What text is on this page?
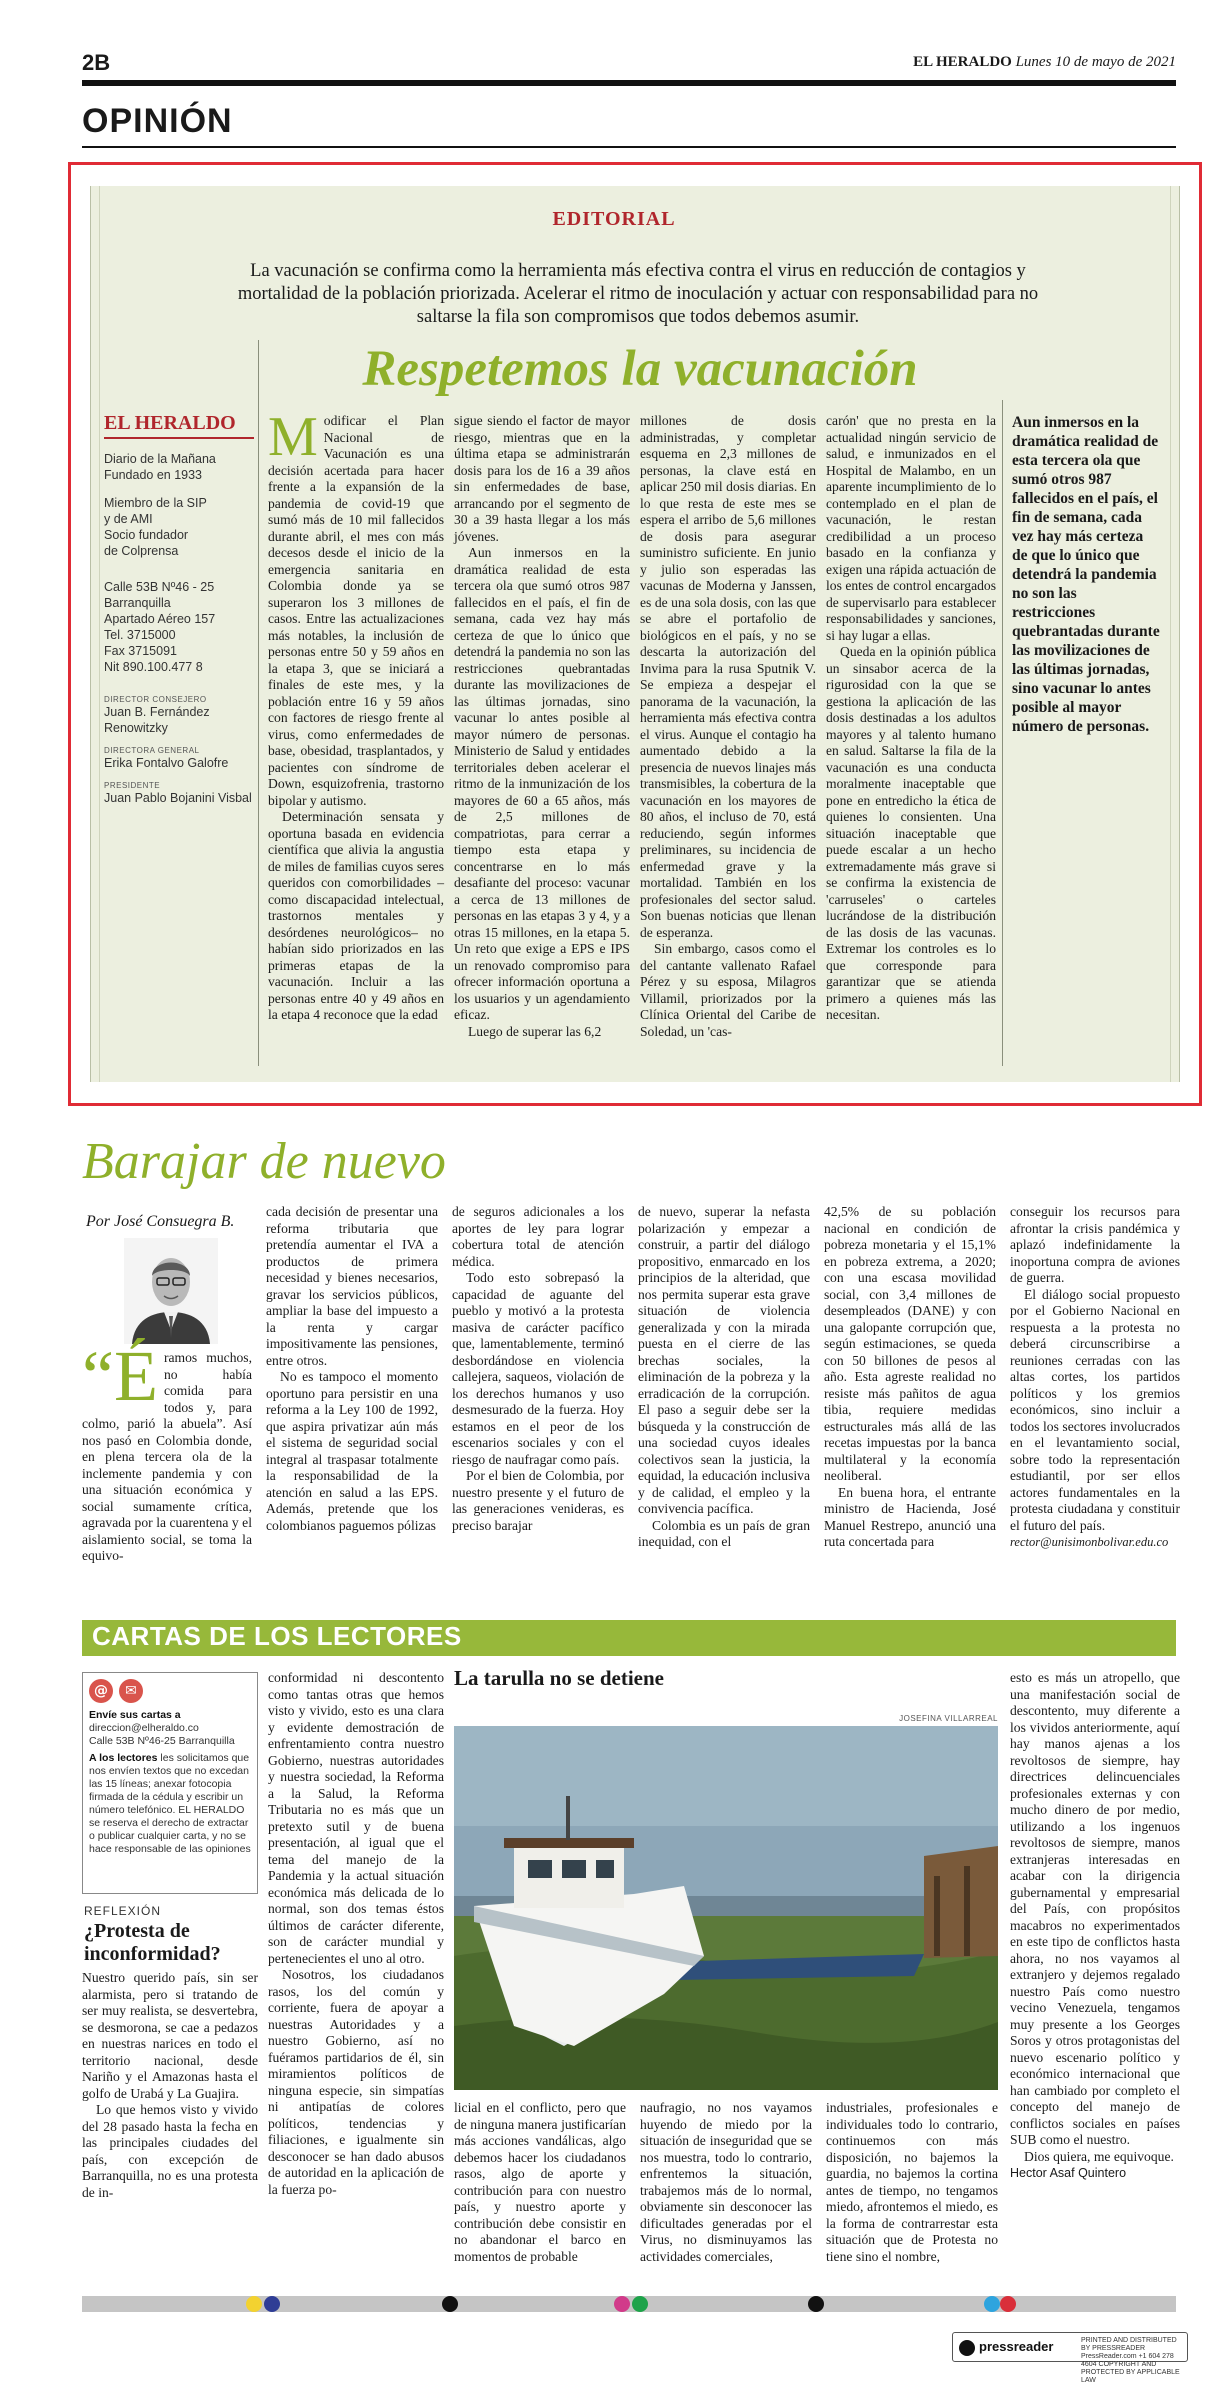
2B	EL HERALDO Lunes 10 de mayo de 2021
OPINIÓN
EDITORIAL
La vacunación se confirma como la herramienta más efectiva contra el virus en reducción de contagios y mortalidad de la población priorizada. Acelerar el ritmo de inoculación y actuar con responsabilidad para no saltarse la fila son compromisos que todos debemos asumir.
Respetemos la vacunación
EL HERALDO

Diario de la Mañana

Fundado en 1933

Miembro de la SIP

y de AMI

Socio fundador

de Colprensa

Calle 53B Nº46 - 25

Barranquilla

Apartado Aéreo 157

Tel. 3715000

Fax 3715091

Nit 890.100.477 8

DIRECTOR CONSEJERO
Juan B. Fernández Renowitzky
DIRECTORA GENERAL
Erika Fontalvo Galofre
PRESIDENTE
Juan Pablo Bojanini Visbal

Modificar el Plan Nacional de Vacunación es una decisión acertada para hacer frente a la expansión de la pandemia de covid-19 que sumó más de 10 mil fallecidos durante abril, el mes con más decesos desde el inicio de la emergencia sanitaria en Colombia donde ya se superaron los 3 millones de casos. Entre las actualizaciones más notables, la inclusión de personas entre 50 y 59 años en la etapa 3, que se iniciará a finales de este mes, y la población entre 16 y 59 años con factores de riesgo frente al virus, como enfermedades de base, obesidad, trasplantados, y pacientes con síndrome de Down, esquizofrenia, trastorno bipolar y autismo.

Determinación sensata y oportuna basada en evidencia científica que alivia la angustia de miles de familias cuyos seres queridos con comorbilidades –como discapacidad intelectual, trastornos mentales y desórdenes neurológicos– no habían sido priorizados en las primeras etapas de la vacunación. Incluir a las personas entre 40 y 49 años en la etapa 4 reconoce que la edad

sigue siendo el factor de mayor riesgo, mientras que en la última etapa se administrarán dosis para los de 16 a 39 años sin enfermedades de base, arrancando por el segmento de 30 a 39 hasta llegar a los más jóvenes.

Aun inmersos en la dramática realidad de esta tercera ola que sumó otros 987 fallecidos en el país, el fin de semana, cada vez hay más certeza de que lo único que detendrá la pandemia no son las restricciones quebrantadas durante las movilizaciones de las últimas jornadas, sino vacunar lo antes posible al mayor número de personas. Ministerio de Salud y entidades territoriales deben acelerar el ritmo de la inmunización de los mayores de 60 a 65 años, más de 2,5 millones de compatriotas, para cerrar a tiempo esta etapa y concentrarse en lo más desafiante del proceso: vacunar a cerca de 13 millones de personas en las etapas 3 y 4, y a otras 15 millones, en la etapa 5. Un reto que exige a EPS e IPS un renovado compromiso para ofrecer información oportuna a los usuarios y un agendamiento eficaz.

Luego de superar las 6,2

millones de dosis administradas, y completar esquema en 2,3 millones de personas, la clave está en aplicar 250 mil dosis diarias. En lo que resta de este mes se espera el arribo de 5,6 millones de dosis para asegurar suministro suficiente. En junio y julio son esperadas las vacunas de Moderna y Janssen, es de una sola dosis, con las que se abre el portafolio de biológicos en el país, y no se descarta la autorización del Invima para la rusa Sputnik V. Se empieza a despejar el panorama de la vacunación, la herramienta más efectiva contra el virus. Aunque el contagio ha aumentado debido a la presencia de nuevos linajes más transmisibles, la cobertura de la vacunación en los mayores de 80 años, el incluso de 70, está reduciendo, según informes preliminares, su incidencia de enfermedad grave y la mortalidad. También en los profesionales del sector salud. Son buenas noticias que llenan de esperanza.

Sin embargo, casos como el del cantante vallenato Rafael Pérez y su esposa, Milagros Villamil, priorizados por la Clínica Oriental del Caribe de Soledad, un 'cas-

carón' que no presta en la actualidad ningún servicio de salud, e inmunizados en el Hospital de Malambo, en un aparente incumplimiento de lo contemplado en el plan de vacunación, le restan credibilidad a un proceso basado en la confianza y exigen una rápida actuación de los entes de control encargados de supervisarlo para establecer responsabilidades y sanciones, si hay lugar a ellas.

Queda en la opinión pública un sinsabor acerca de la rigurosidad con la que se gestiona la aplicación de las dosis destinadas a los adultos mayores y al talento humano en salud. Saltarse la fila de la vacunación es una conducta moralmente inaceptable que pone en entredicho la ética de quienes lo consienten. Una situación inaceptable que puede escalar a un hecho extremadamente más grave si se confirma la existencia de 'carruseles' o carteles lucrándose de la distribución de las dosis de las vacunas. Extremar los controles es lo que corresponde para garantizar que se atienda primero a quienes más las necesitan.

Aun inmersos en la dramática realidad de esta tercera ola que sumó otros 987 fallecidos en el país, el fin de semana, cada vez hay más certeza de que lo único que detendrá la pandemia no son las restricciones quebrantadas durante las movilizaciones de las últimas jornadas, sino vacunar lo antes posible al mayor número de personas.
Barajar de nuevo
Por José Consuegra B.

“É ramos muchos, no había comida para todos y, para colmo, parió la abuela”. Así nos pasó en Colombia donde, en plena tercera ola de la inclemente pandemia y con una situación económica y social sumamente crítica, agravada por la cuarentena y el aislamiento social, se toma la equivo-

cada decisión de presentar una reforma tributaria que pretendía aumentar el IVA a productos de primera necesidad y bienes necesarios, gravar los servicios públicos, ampliar la base del impuesto a la renta y cargar impositivamente las pensiones, entre otros.

No es tampoco el momento oportuno para persistir en una reforma a la Ley 100 de 1992, que aspira privatizar aún más el sistema de seguridad social integral al traspasar totalmente la responsabilidad de la atención en salud a las EPS. Además, pretende que los colombianos paguemos pólizas

de seguros adicionales a los aportes de ley para lograr cobertura total de atención médica.

Todo esto sobrepasó la capacidad de aguante del pueblo y motivó a la protesta masiva de carácter pacífico que, lamentablemente, terminó desbordándose en violencia callejera, saqueos, violación de los derechos humanos y uso desmesurado de la fuerza. Hoy estamos en el peor de los escenarios sociales y con el riesgo de naufragar como país.

Por el bien de Colombia, por nuestro presente y el futuro de las generaciones venideras, es preciso barajar

de nuevo, superar la nefasta polarización y empezar a construir, a partir del diálogo propositivo, enmarcado en los principios de la alteridad, que nos permita superar esta grave situación de violencia generalizada y con la mirada puesta en el cierre de las brechas sociales, la eliminación de la pobreza y la erradicación de la corrupción. El paso a seguir debe ser la búsqueda y la construcción de una sociedad cuyos ideales colectivos sean la justicia, la equidad, la educación inclusiva y de calidad, el empleo y la convivencia pacífica.

Colombia es un país de gran inequidad, con el

42,5% de su población nacional en condición de pobreza monetaria y el 15,1% en pobreza extrema, a 2020; con una escasa movilidad social, con 3,4 millones de desempleados (DANE) y con una galopante corrupción que, según estimaciones, se queda con 50 billones de pesos al año. Esta agreste realidad no resiste más pañitos de agua tibia, requiere medidas estructurales más allá de las recetas impuestas por la banca multilateral y la economía neoliberal.

En buena hora, el entrante ministro de Hacienda, José Manuel Restrepo, anunció una ruta concertada para

conseguir los recursos para afrontar la crisis pandémica y aplazó indefinidamente la inoportuna compra de aviones de guerra.

El diálogo social propuesto por el Gobierno Nacional en respuesta a la protesta no deberá circunscribirse a reuniones cerradas con las altas cortes, los partidos políticos y los gremios económicos, sino incluir a todos los sectores involucrados en el levantamiento social, sobre todo la representación estudiantil, por ser ellos actores fundamentales en la protesta ciudadana y constituir el futuro del país.

rector@unisimonbolivar.edu.co

CARTAS DE LOS LECTORES
@	✉
Envíe sus cartas a
direccion@elheraldo.co
Calle 53B Nº46-25 Barranquilla
A los lectores les solicitamos que nos envíen textos que no excedan las 15 líneas; anexar fotocopia firmada de la cédula y escribir un número telefónico. EL HERALDO se reserva el derecho de extractar o publicar cualquier carta, y no se hace responsable de las opiniones
REFLEXIÓN
¿Protesta de inconformidad?

Nuestro querido país, sin ser alarmista, pero si tratando de ser muy realista, se desvertebra, se desmorona, se cae a pedazos en nuestras narices en todo el territorio nacional, desde Nariño y el Amazonas hasta el golfo de Urabá y La Guajira.

Lo que hemos visto y vivido del 28 pasado hasta la fecha en las principales ciudades del país, con excepción de Barranquilla, no es una protesta de in-

conformidad ni descontento como tantas otras que hemos visto y vivido, esto es una clara y evidente demostración de enfrentamiento contra nuestro Gobierno, nuestras autoridades y nuestra sociedad, la Reforma a la Salud, la Reforma Tributaria no es más que un pretexto sutil y de buena presentación, al igual que el tema del manejo de la Pandemia y la actual situación económica más delicada de lo normal, son dos temas éstos últimos de carácter diferente, son de carácter mundial y pertenecientes el uno al otro.

Nosotros, los ciudadanos rasos, los del común y corriente, fuera de apoyar a nuestras Autoridades y a nuestro Gobierno, así no fuéramos partidarios de él, sin miramientos políticos de ninguna especie, sin simpatías ni antipatías de colores políticos, tendencias y filiaciones, e igualmente sin desconocer se han dado abusos de autoridad en la aplicación de la fuerza po-

La tarulla no se detiene
JOSEFINA VILLARREAL

licial en el conflicto, pero que de ninguna manera justificarían más acciones vandálicas, algo debemos hacer los ciudadanos rasos, algo de aporte y contribución para con nuestro país, y nuestro aporte y contribución debe consistir en no abandonar el barco en momentos de probable

naufragio, no nos vayamos huyendo de miedo por la situación de inseguridad que se nos muestra, todo lo contrario, enfrentemos la situación, trabajemos más de lo normal, obviamente sin desconocer las dificultades generadas por el Virus, no disminuyamos las actividades comerciales,

industriales, profesionales e individuales todo lo contrario, continuemos con más disposición, no bajemos la guardia, no bajemos la cortina antes de tiempo, no tengamos miedo, afrontemos el miedo, es la forma de contrarrestar esta situación que de Protesta no tiene sino el nombre,

esto es más un atropello, que una manifestación social de descontento, muy diferente a los vividos anteriormente, aquí hay manos ajenas a los revoltosos de siempre, hay directrices delincuenciales profesionales externas y con mucho dinero de por medio, utilizando a los ingenuos revoltosos de siempre, manos extranjeras interesadas en acabar con la dirigencia gubernamental y empresarial del País, con propósitos macabros no experimentados en este tipo de conflictos hasta ahora, no nos vayamos al extranjero y dejemos regalado nuestro País como nuestro vecino Venezuela, tengamos muy presente a los Georges Soros y otros protagonistas del nuevo escenario político y económico internacional que han cambiado por completo el concepto del manejo de conflictos sociales en países SUB como el nuestro.

Dios quiera, me equivoque.

Hector Asaf Quintero

pressreader	PRINTED AND DISTRIBUTED BY PRESSREADER PressReader.com +1 604 278 4604 COPYRIGHT AND PROTECTED BY APPLICABLE LAW
